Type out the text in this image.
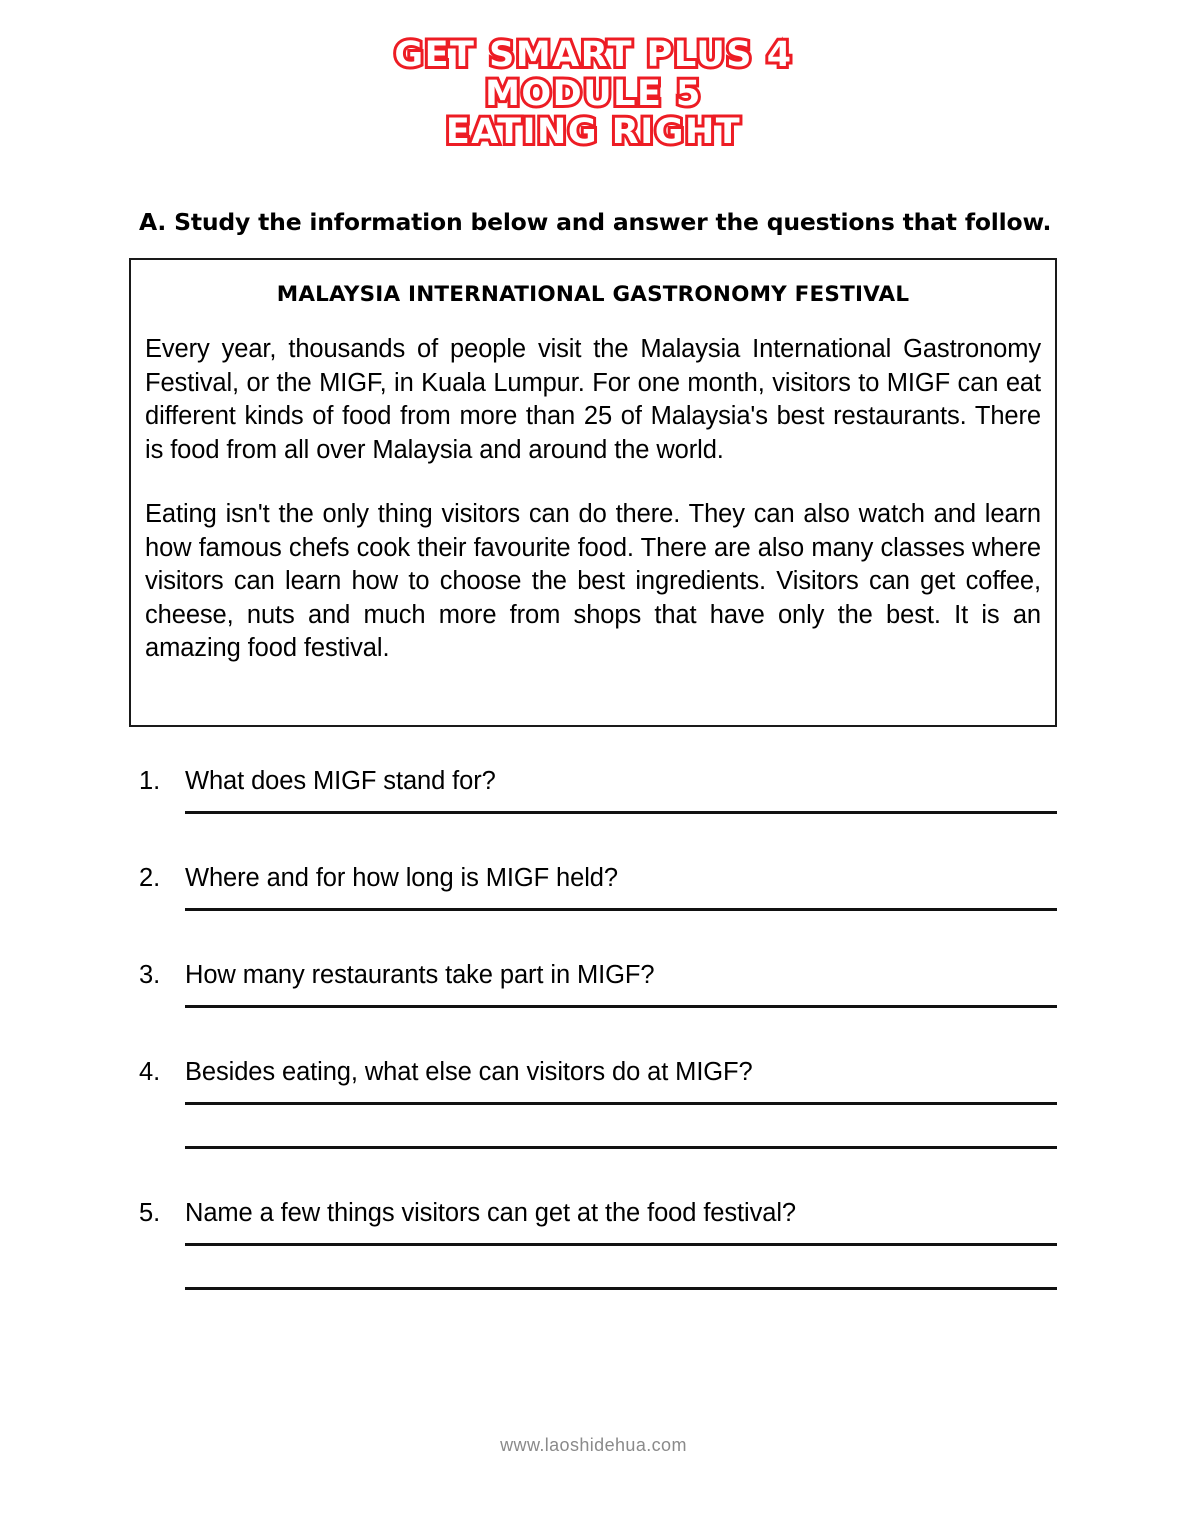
GET SMART PLUS 4
MODULE 5
EATING RIGHT
A. Study the information below and answer the questions that follow.
MALAYSIA INTERNATIONAL GASTRONOMY FESTIVAL

Every year, thousands of people visit the Malaysia International Gastronomy Festival, or the MIGF, in Kuala Lumpur. For one month, visitors to MIGF can eat different kinds of food from more than 25 of Malaysia's best restaurants. There is food from all over Malaysia and around the world.

Eating isn't the only thing visitors can do there. They can also watch and learn how famous chefs cook their favourite food. There are also many classes where visitors can learn how to choose the best ingredients. Visitors can get coffee, cheese, nuts and much more from shops that have only the best. It is an amazing food festival.

1. What does MIGF stand for?
2. Where and for how long is MIGF held?
3. How many restaurants take part in MIGF?
4. Besides eating, what else can visitors do at MIGF?
5. Name a few things visitors can get at the food festival?
www.laoshidehua.com
